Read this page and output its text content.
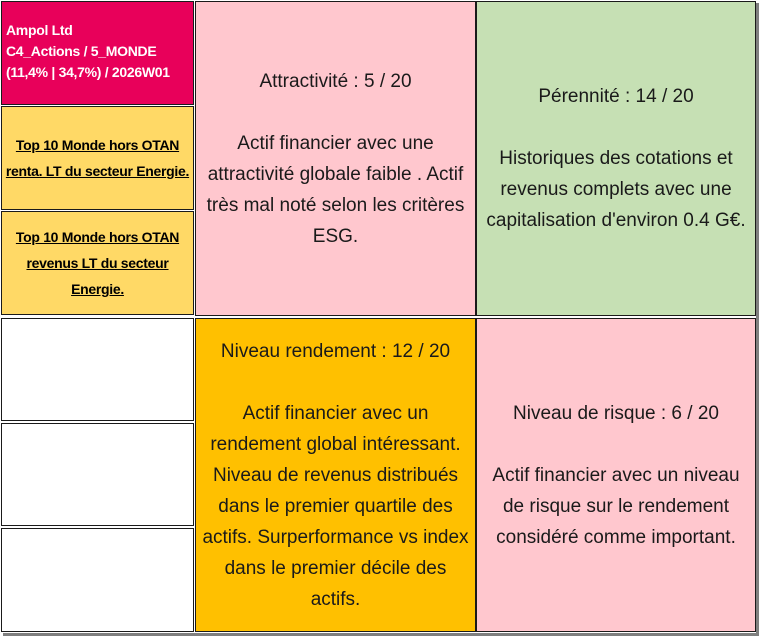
Ampol Ltd
C4_Actions / 5_MONDE
(11,4% | 34,7%) / 2026W01
Top 10 Monde hors OTAN renta. LT du secteur Energie.
Top 10 Monde hors OTAN revenus LT du secteur Energie.
Attractivité : 5 / 20
Actif financier avec une attractivité globale faible . Actif très mal noté selon les critères ESG.
Pérennité : 14 / 20
Historiques des cotations et revenus complets avec une capitalisation d'environ 0.4 G€.
Niveau rendement : 12 / 20
Actif financier avec un rendement global intéressant. Niveau de revenus distribués dans le premier quartile des actifs. Surperformance vs index dans le premier décile des actifs.
Niveau de risque : 6 / 20
Actif financier avec un niveau de risque sur le rendement considéré comme important.
